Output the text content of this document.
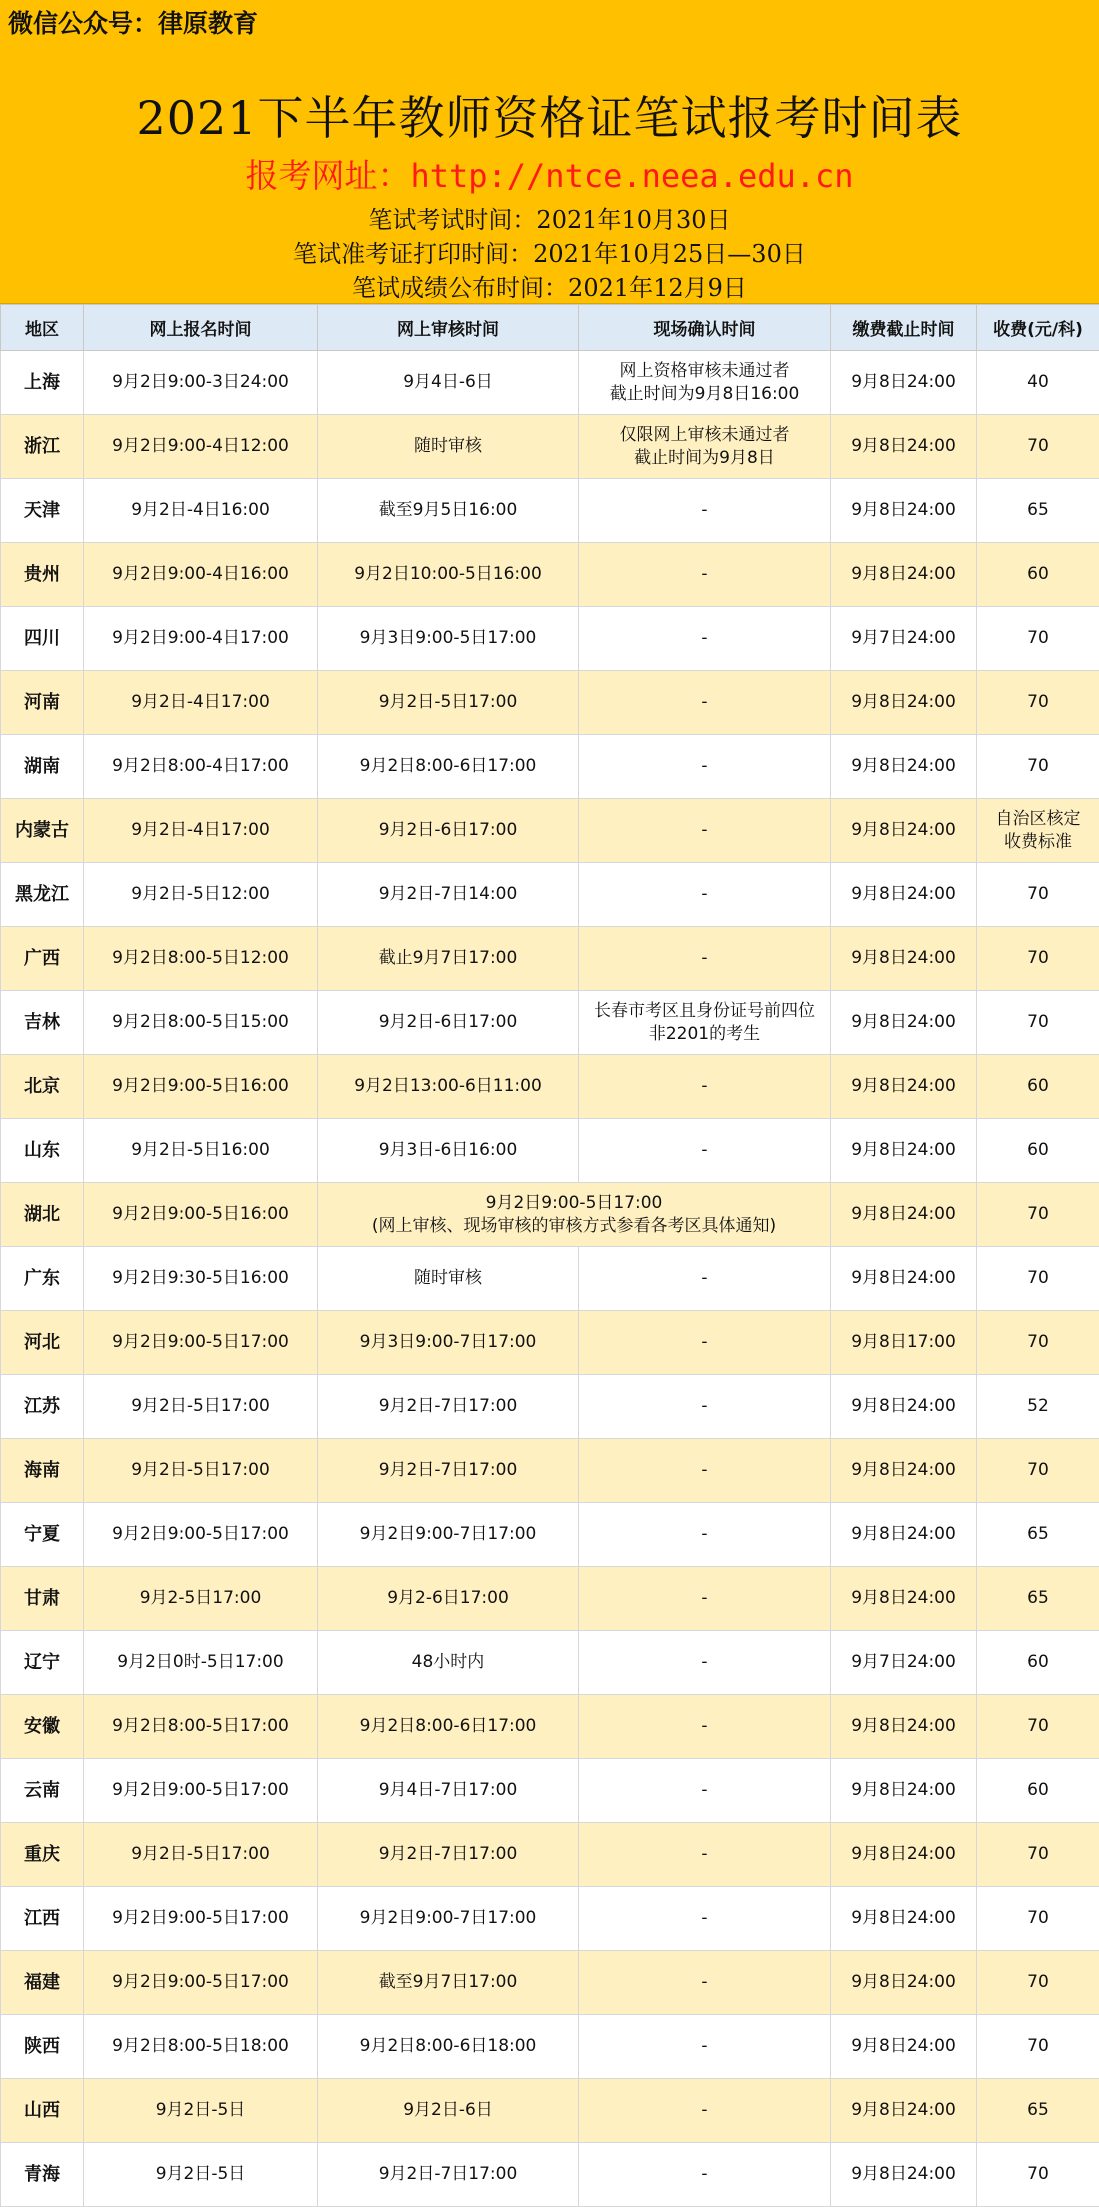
微信公众号：律原教育
2021下半年教师资格证笔试报考时间表
报考网址：http://ntce.neea.edu.cn
笔试考试时间：2021年10月30日
笔试准考证打印时间：2021年10月25日—30日
笔试成绩公布时间：2021年12月9日
地区	网上报名时间	网上审核时间	现场确认时间	缴费截止时间	收费(元/科)
上海	9月2日9:00-3日24:00	9月4日-6日	网上资格审核未通过者
截止时间为9月8日16:00	9月8日24:00	40

浙江	9月2日9:00-4日12:00	随时审核	仅限网上审核未通过者
截止时间为9月8日	9月8日24:00	70

天津	9月2日-4日16:00	截至9月5日16:00	-	9月8日24:00	65

贵州	9月2日9:00-4日16:00	9月2日10:00-5日16:00	-	9月8日24:00	60

四川	9月2日9:00-4日17:00	9月3日9:00-5日17:00	-	9月7日24:00	70

河南	9月2日-4日17:00	9月2日-5日17:00	-	9月8日24:00	70

湖南	9月2日8:00-4日17:00	9月2日8:00-6日17:00	-	9月8日24:00	70

内蒙古	9月2日-4日17:00	9月2日-6日17:00	-	9月8日24:00	自治区核定
收费标准

黑龙江	9月2日-5日12:00	9月2日-7日14:00	-	9月8日24:00	70

广西	9月2日8:00-5日12:00	截止9月7日17:00	-	9月8日24:00	70

吉林	9月2日8:00-5日15:00	9月2日-6日17:00	长春市考区且身份证号前四位
非2201的考生	9月8日24:00	70

北京	9月2日9:00-5日16:00	9月2日13:00-6日11:00	-	9月8日24:00	60

山东	9月2日-5日16:00	9月3日-6日16:00	-	9月8日24:00	60

湖北	9月2日9:00-5日16:00	9月2日9:00-5日17:00
(网上审核、现场审核的审核方式参看各考区具体通知)		9月8日24:00	70

广东	9月2日9:30-5日16:00	随时审核	-	9月8日24:00	70

河北	9月2日9:00-5日17:00	9月3日9:00-7日17:00	-	9月8日17:00	70

江苏	9月2日-5日17:00	9月2日-7日17:00	-	9月8日24:00	52

海南	9月2日-5日17:00	9月2日-7日17:00	-	9月8日24:00	70

宁夏	9月2日9:00-5日17:00	9月2日9:00-7日17:00	-	9月8日24:00	65

甘肃	9月2-5日17:00	9月2-6日17:00	-	9月8日24:00	65

辽宁	9月2日0时-5日17:00	48小时内	-	9月7日24:00	60

安徽	9月2日8:00-5日17:00	9月2日8:00-6日17:00	-	9月8日24:00	70

云南	9月2日9:00-5日17:00	9月4日-7日17:00	-	9月8日24:00	60

重庆	9月2日-5日17:00	9月2日-7日17:00	-	9月8日24:00	70

江西	9月2日9:00-5日17:00	9月2日9:00-7日17:00	-	9月8日24:00	70

福建	9月2日9:00-5日17:00	截至9月7日17:00	-	9月8日24:00	70

陕西	9月2日8:00-5日18:00	9月2日8:00-6日18:00	-	9月8日24:00	70

山西	9月2日-5日	9月2日-6日	-	9月8日24:00	65

青海	9月2日-5日	9月2日-7日17:00	-	9月8日24:00	70
